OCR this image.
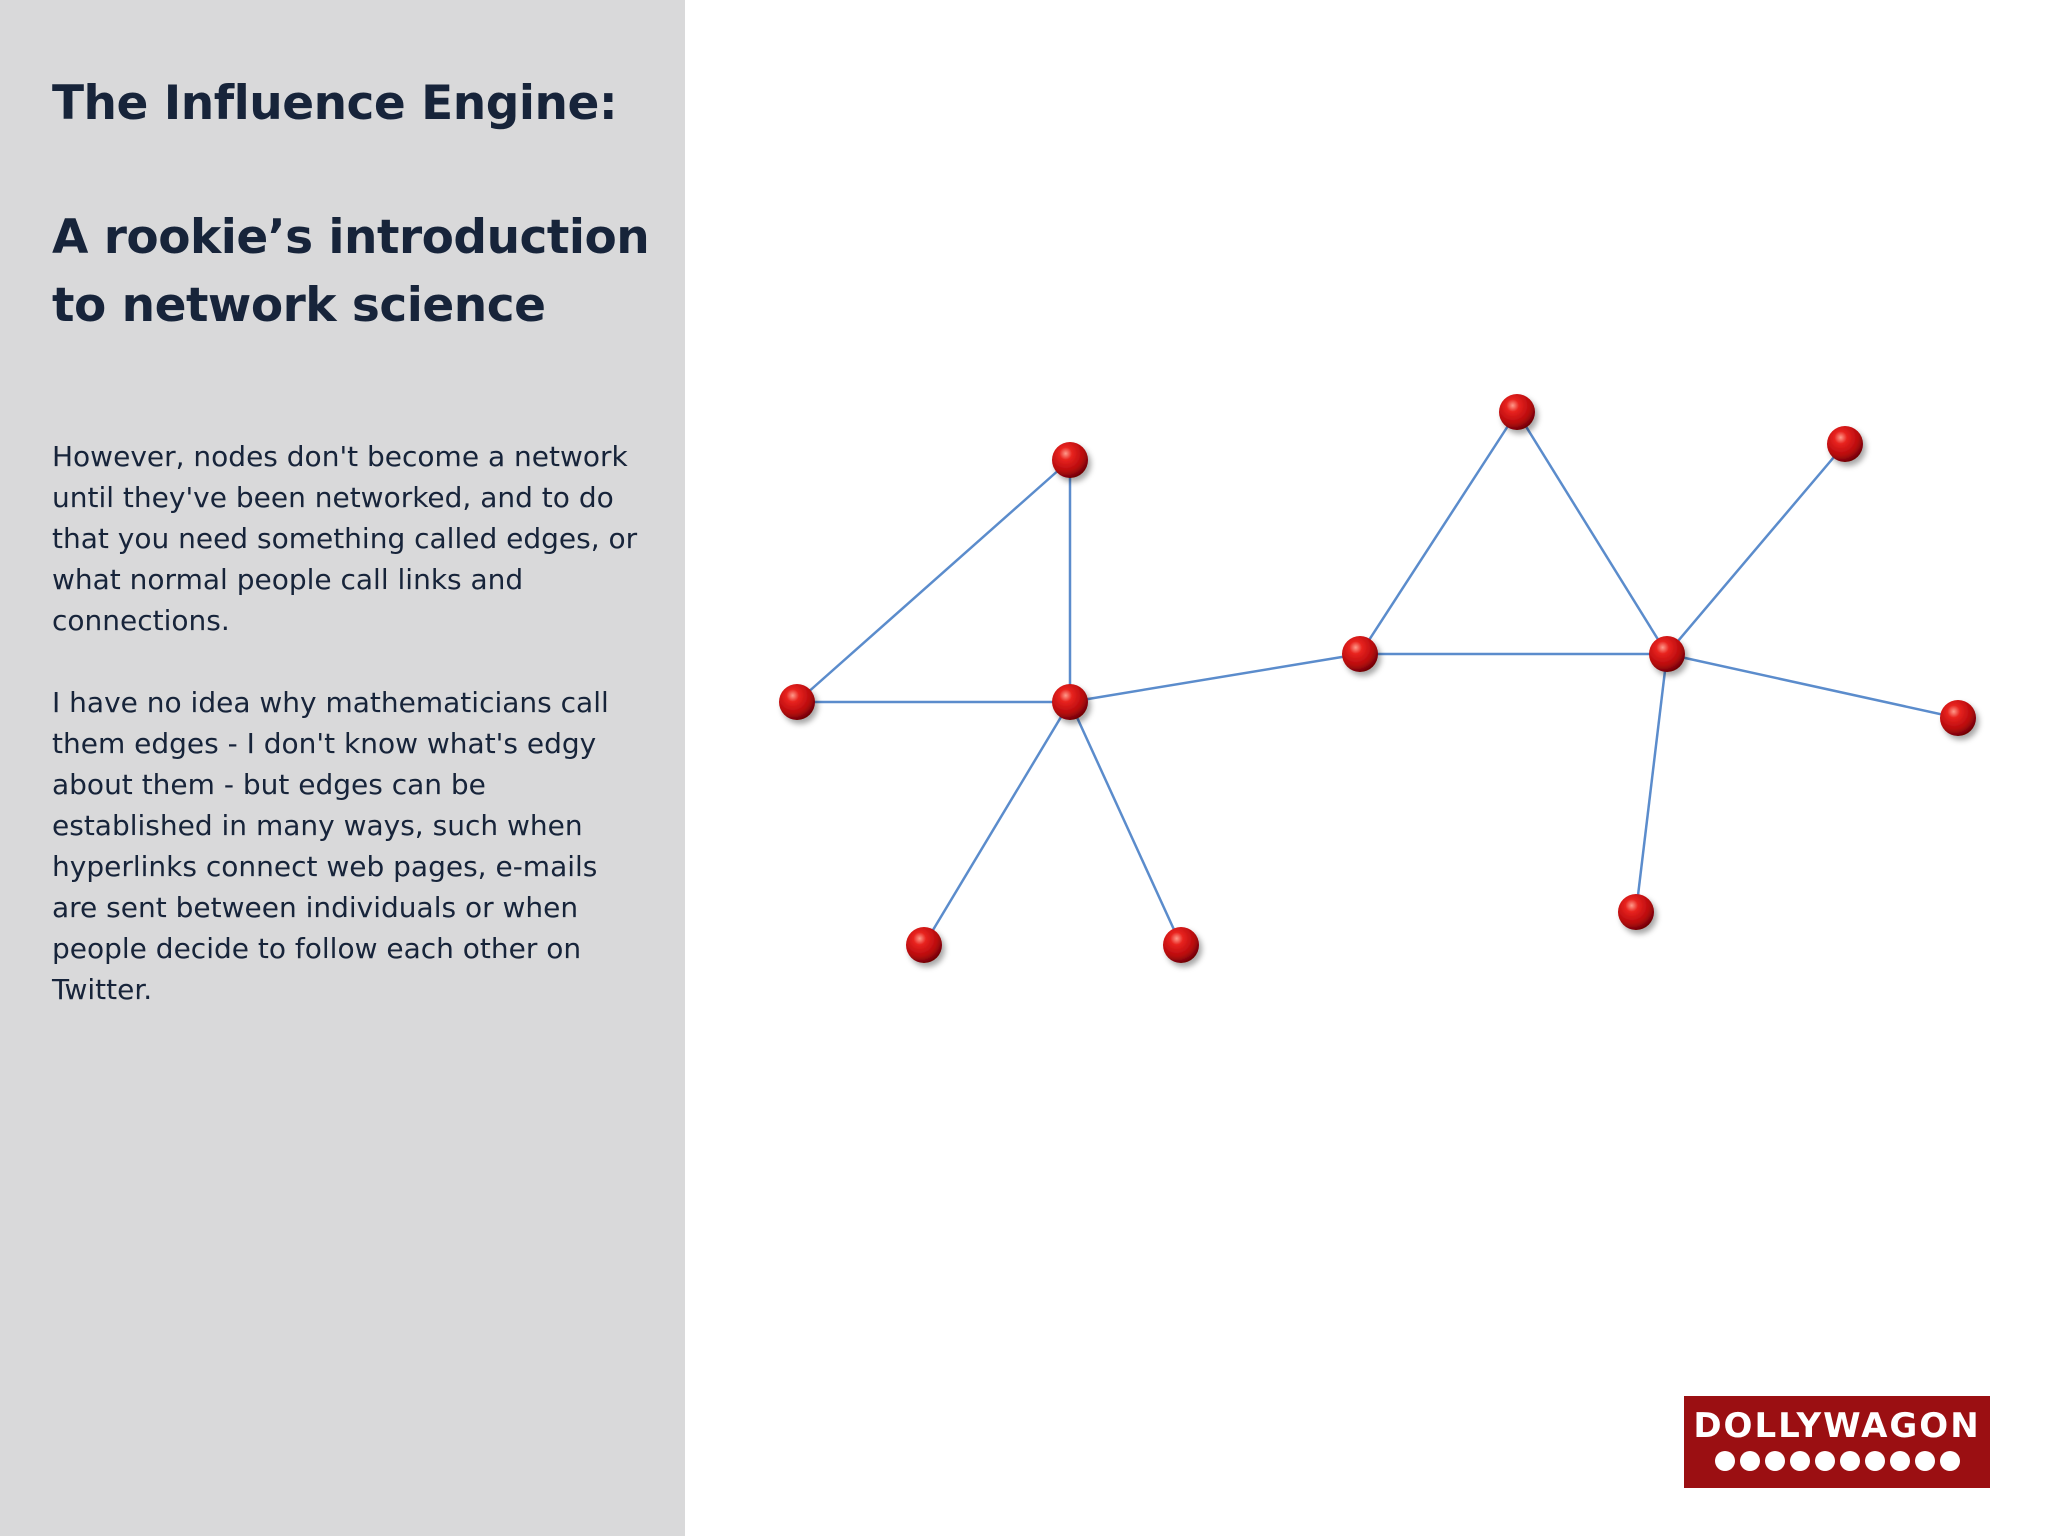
The Influence Engine:
A rookie’s introduction
to network science

However, nodes don't become a network
until they've been networked, and to do
that you need something called edges, or
what normal people call links and
connections.

I have no idea why mathematicians call
them edges - I don't know what's edgy
about them - but edges can be
established in many ways, such when
hyperlinks connect web pages, e-mails
are sent between individuals or when
people decide to follow each other on
Twitter.

DOLLYWAGON
